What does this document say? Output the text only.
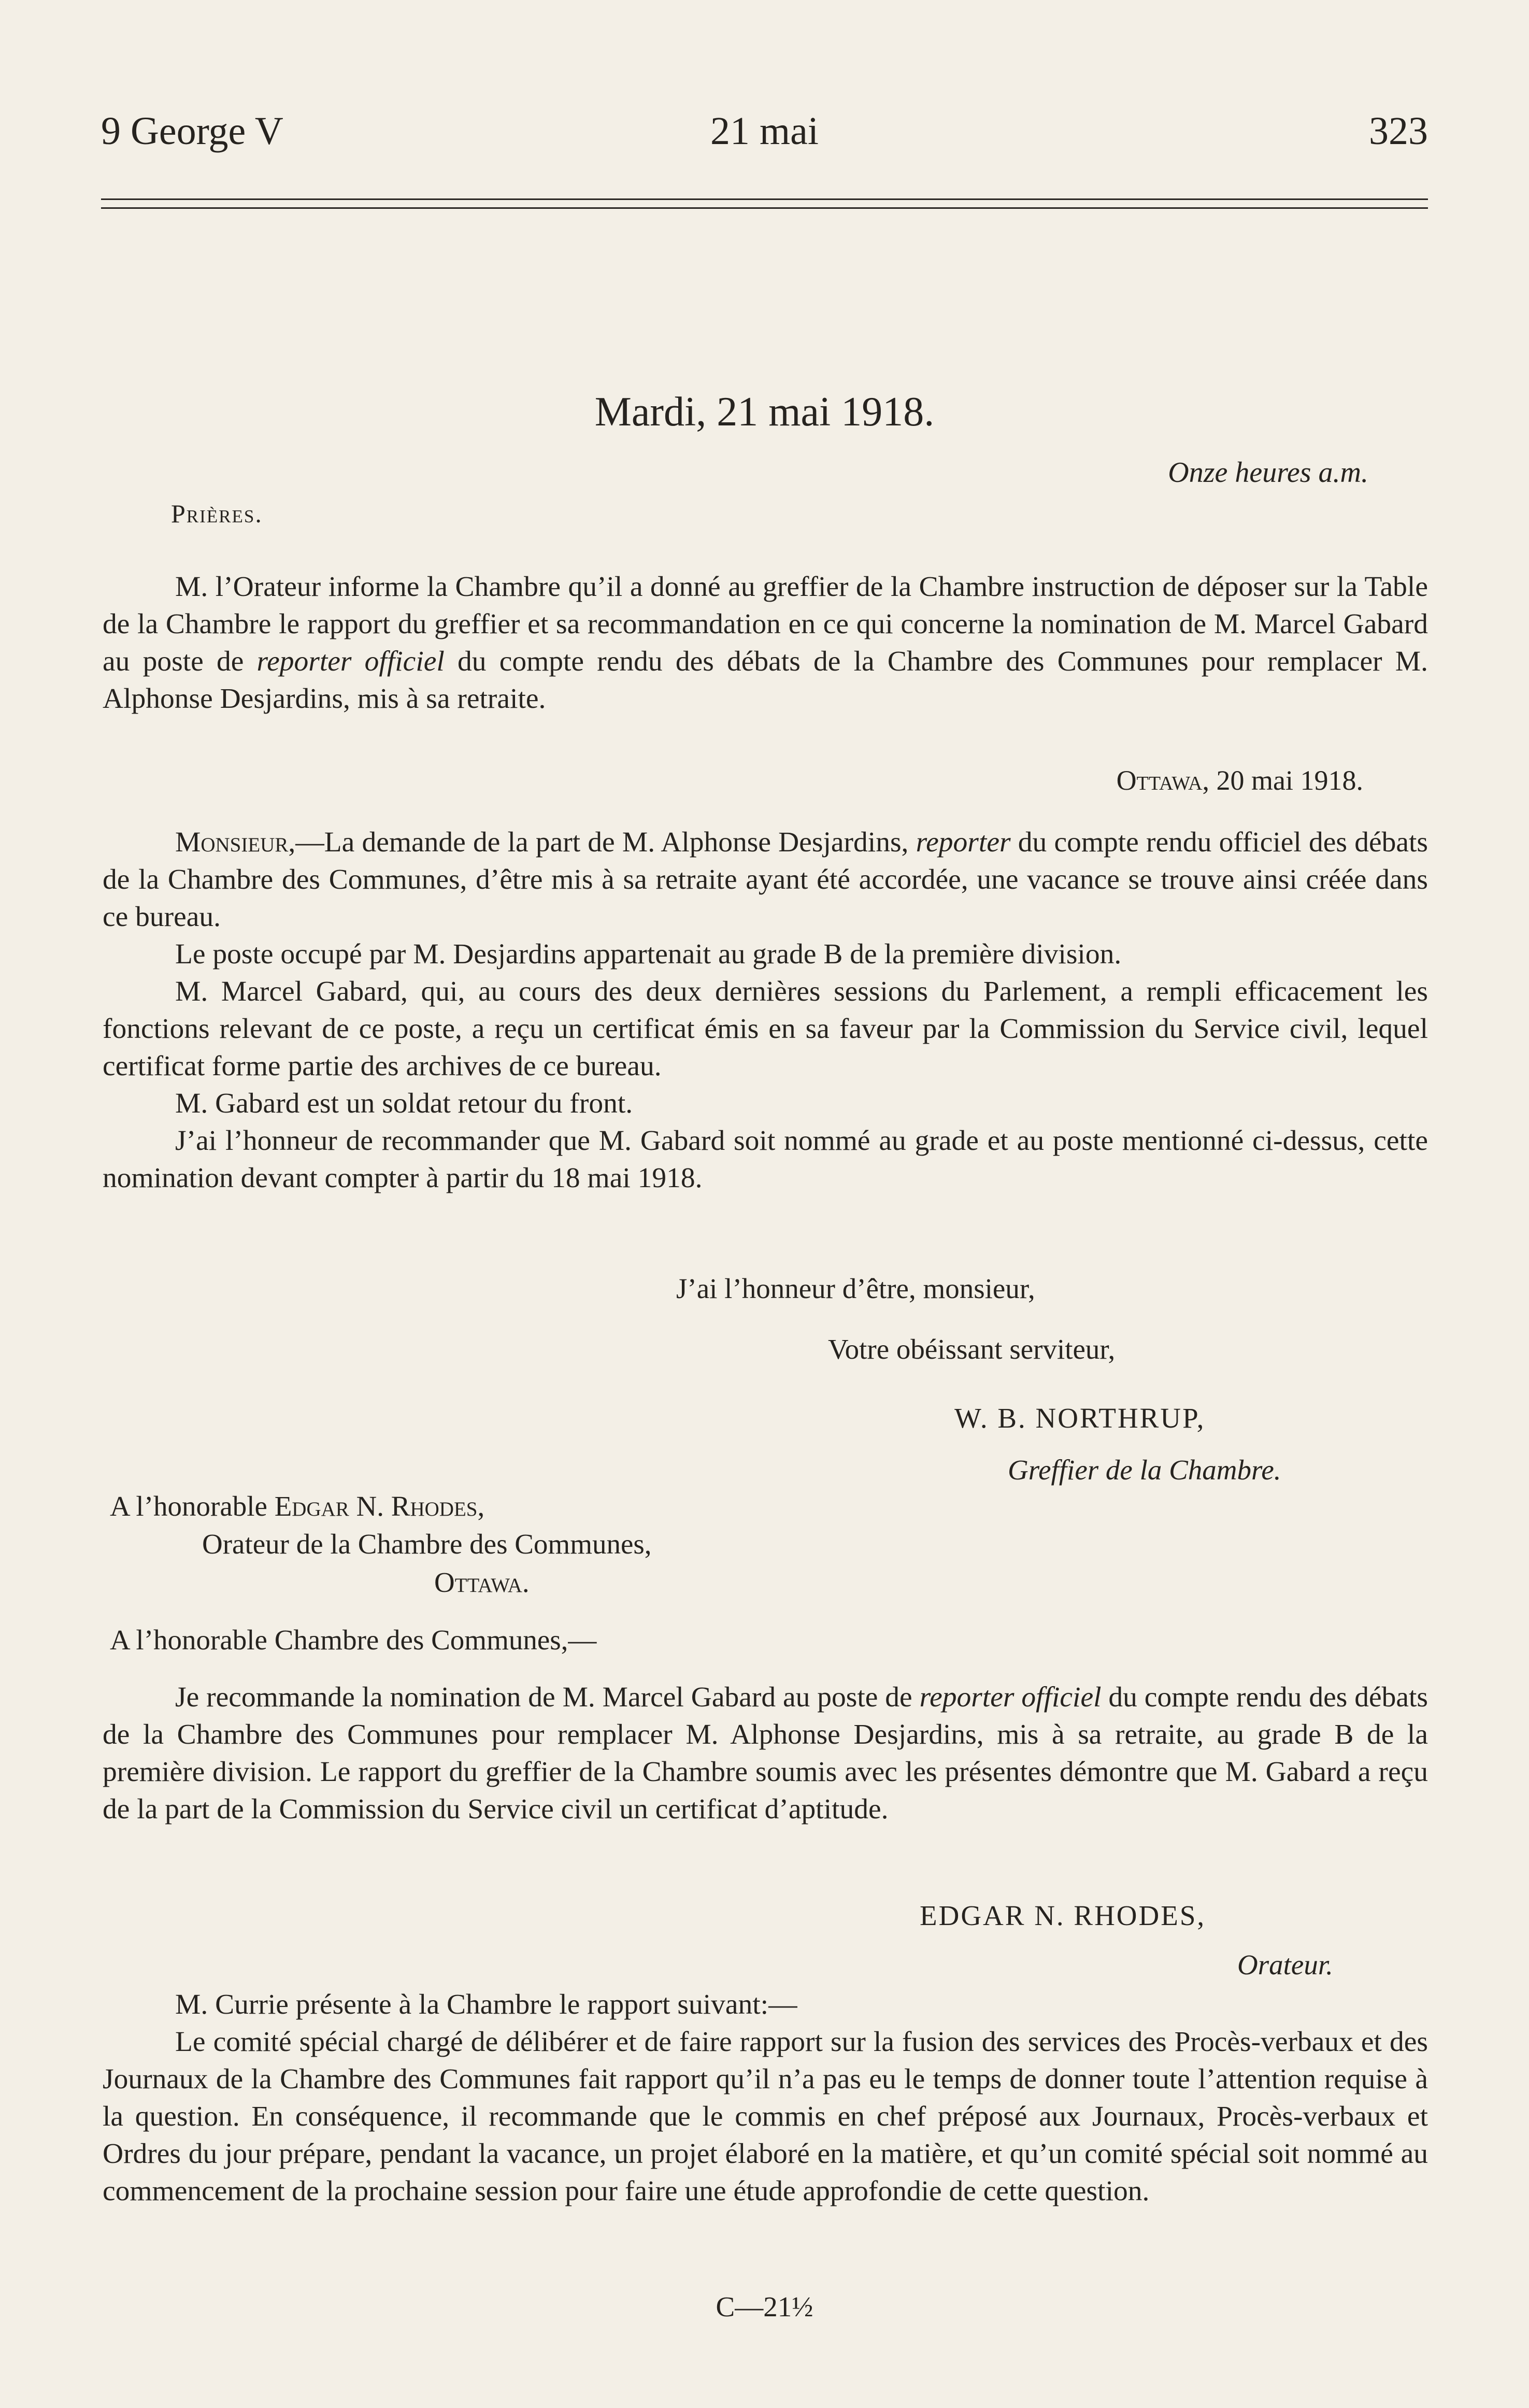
9 George V	21 mai	323
Mardi, 21 mai 1918.
Onze heures a.m.
Prières.

M. l’Orateur informe la Chambre qu’il a donné au greffier de la Chambre instruction de déposer sur la Table de la Chambre le rapport du greffier et sa recommandation en ce qui concerne la nomination de M. Marcel Gabard au poste de reporter officiel du compte rendu des débats de la Chambre des Communes pour remplacer M. Alphonse Desjardins, mis à sa retraite.

Ottawa, 20 mai 1918.

Monsieur,—La demande de la part de M. Alphonse Desjardins, reporter du compte rendu officiel des débats de la Chambre des Communes, d’être mis à sa retraite ayant été accordée, une vacance se trouve ainsi créée dans ce bureau.

Le poste occupé par M. Desjardins appartenait au grade B de la première division.

M. Marcel Gabard, qui, au cours des deux dernières sessions du Parlement, a rempli efficacement les fonctions relevant de ce poste, a reçu un certificat émis en sa faveur par la Commission du Service civil, lequel certificat forme partie des archives de ce bureau.

M. Gabard est un soldat retour du front.

J’ai l’honneur de recommander que M. Gabard soit nommé au grade et au poste mentionné ci-dessus, cette nomination devant compter à partir du 18 mai 1918.

J’ai l’honneur d’être, monsieur,
Votre obéissant serviteur,
W. B. NORTHRUP,
Greffier de la Chambre.
A l’honorable Edgar N. Rhodes,
Orateur de la Chambre des Communes,
Ottawa.
A l’honorable Chambre des Communes,—

Je recommande la nomination de M. Marcel Gabard au poste de reporter officiel du compte rendu des débats de la Chambre des Communes pour remplacer M. Alphonse Desjardins, mis à sa retraite, au grade B de la première division. Le rapport du greffier de la Chambre soumis avec les présentes démontre que M. Gabard a reçu de la part de la Commission du Service civil un certificat d’aptitude.

EDGAR N. RHODES,
Orateur.

M. Currie présente à la Chambre le rapport suivant:—

Le comité spécial chargé de délibérer et de faire rapport sur la fusion des services des Procès-verbaux et des Journaux de la Chambre des Communes fait rapport qu’il n’a pas eu le temps de donner toute l’attention requise à la question. En conséquence, il recommande que le commis en chef préposé aux Journaux, Procès-verbaux et Ordres du jour prépare, pendant la vacance, un projet élaboré en la matière, et qu’un comité spécial soit nommé au commencement de la prochaine session pour faire une étude approfondie de cette question.

C—21½
